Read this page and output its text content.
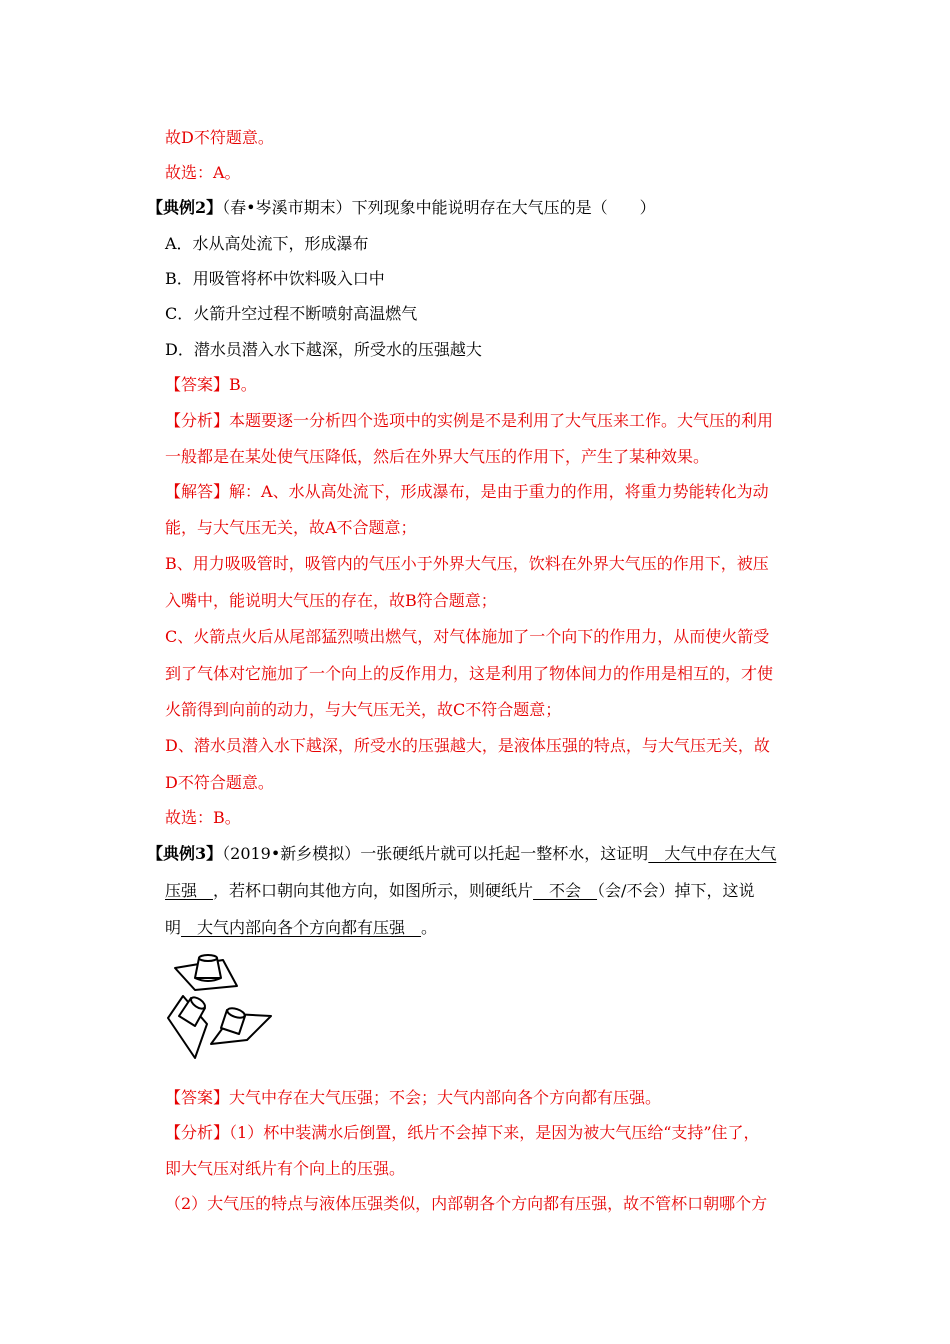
故D不符题意。
故选：A。
【典例2】（春•岑溪市期末）下列现象中能说明存在大气压的是（　　）
A．水从高处流下，形成瀑布
B．用吸管将杯中饮料吸入口中
C．火箭升空过程不断喷射高温燃气
D．潜水员潜入水下越深，所受水的压强越大
【答案】B。
【分析】本题要逐一分析四个选项中的实例是不是利用了大气压来工作。大气压的利用
一般都是在某处使气压降低，然后在外界大气压的作用下，产生了某种效果。
【解答】解：A、水从高处流下，形成瀑布，是由于重力的作用，将重力势能转化为动
能，与大气压无关，故A不合题意；
B、用力吸吸管时，吸管内的气压小于外界大气压，饮料在外界大气压的作用下，被压
入嘴中，能说明大气压的存在，故B符合题意；
C、火箭点火后从尾部猛烈喷出燃气，对气体施加了一个向下的作用力，从而使火箭受
到了气体对它施加了一个向上的反作用力，这是利用了物体间力的作用是相互的，才使
火箭得到向前的动力，与大气压无关，故C不符合题意；
D、潜水员潜入水下越深，所受水的压强越大，是液体压强的特点，与大气压无关，故
D不符合题意。
故选：B。
【典例3】（2019•新乡模拟）一张硬纸片就可以托起一整杯水，这证明　大气中存在大气
压强　，若杯口朝向其他方向，如图所示，则硬纸片　不会　（会/不会）掉下，这说
明　大气内部向各个方向都有压强　。
【答案】大气中存在大气压强；不会；大气内部向各个方向都有压强。
【分析】（1）杯中装满水后倒置，纸片不会掉下来，是因为被大气压给“支持”住了，
即大气压对纸片有个向上的压强。
（2）大气压的特点与液体压强类似，内部朝各个方向都有压强，故不管杯口朝哪个方
